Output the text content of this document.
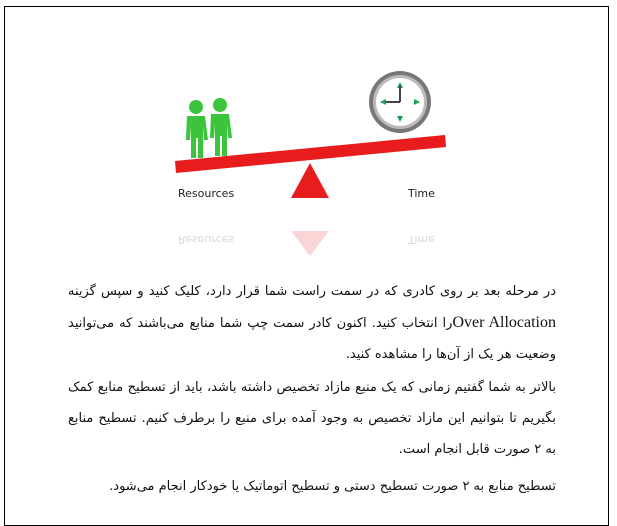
Resources	Time
Resources	Time
در مرحله بعد بر روی کادری که در سمت راست شما قرار دارد، کلیک کنید و سپس گزینه Over Allocationرا انتخاب کنید. اکنون کادر سمت چپ شما منابع می‌باشند که می‌توانید وضعیت هر یک از آن‌ها را مشاهده کنید.
بالاتر به شما گفتیم زمانی که یک منبع مازاد تخصیص داشته باشد، باید از تسطیح منابع کمک بگیریم تا بتوانیم این مازاد تخصیص به وجود آمده برای منبع را برطرف کنیم. تسطیح منابع به ۲ صورت قابل انجام است.
تسطیح منابع به ۲ صورت تسطیح دستی و تسطیح اتوماتیک یا خودکار انجام می‌شود.
